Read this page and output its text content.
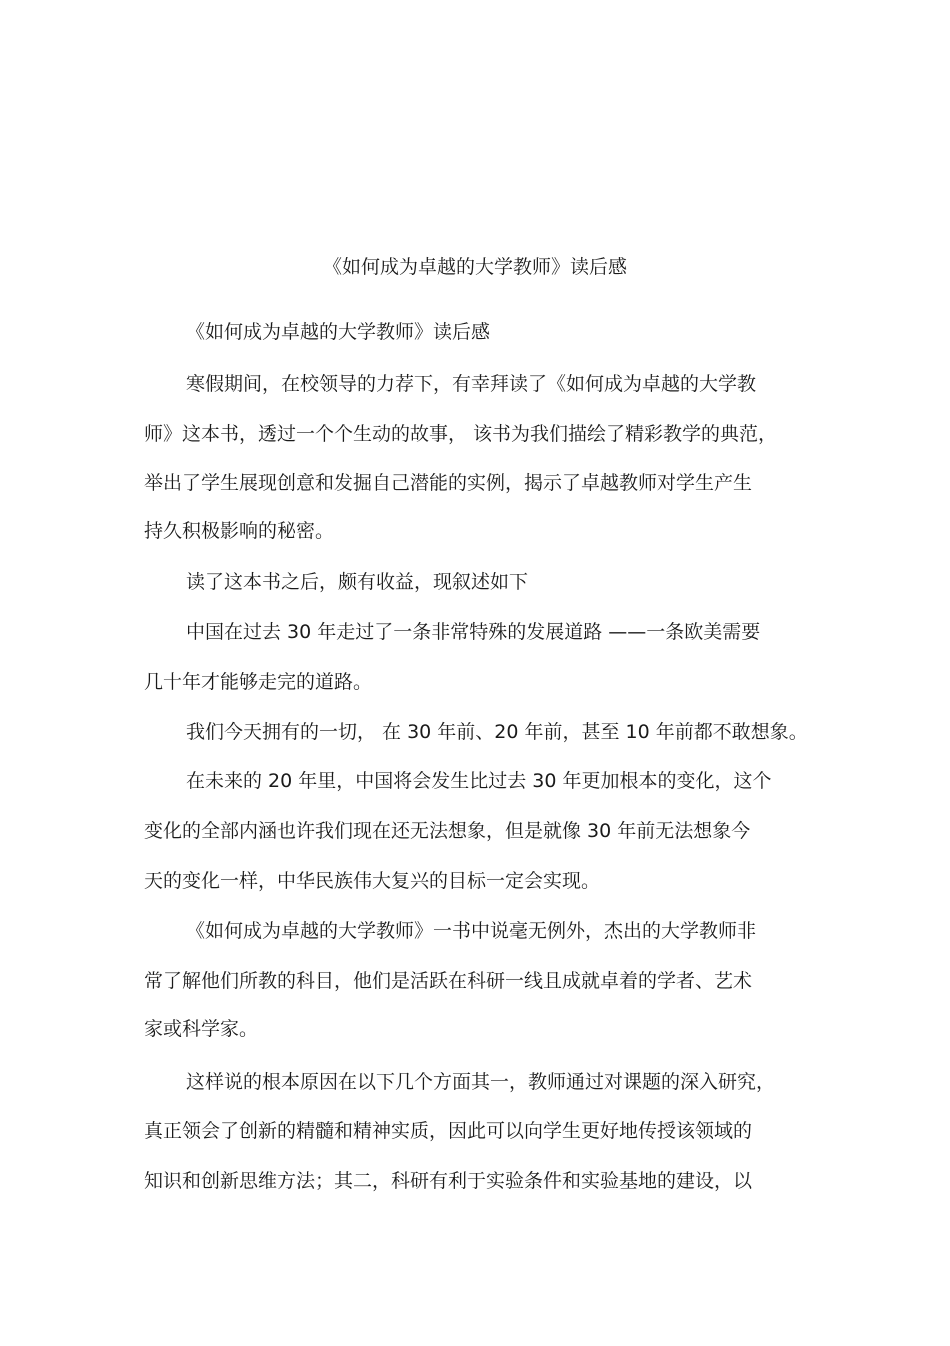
《如何成为卓越的大学教师》读后感
《如何成为卓越的大学教师》读后感
寒假期间，在校领导的力荐下，有幸拜读了《如何成为卓越的大学教
师》这本书，透过一个个生动的故事， 该书为我们描绘了精彩教学的典范，
举出了学生展现创意和发掘自己潜能的实例，揭示了卓越教师对学生产生
持久积极影响的秘密。
读了这本书之后，颇有收益，现叙述如下
中国在过去 30 年走过了一条非常特殊的发展道路 ——一条欧美需要
几十年才能够走完的道路。
我们今天拥有的一切， 在 30 年前、20 年前，甚至 10 年前都不敢想象。
在未来的 20 年里，中国将会发生比过去 30 年更加根本的变化，这个
变化的全部内涵也许我们现在还无法想象，但是就像 30 年前无法想象今
天的变化一样，中华民族伟大复兴的目标一定会实现。
《如何成为卓越的大学教师》一书中说毫无例外，杰出的大学教师非
常了解他们所教的科目，他们是活跃在科研一线且成就卓着的学者、艺术
家或科学家。
这样说的根本原因在以下几个方面其一，教师通过对课题的深入研究，
真正领会了创新的精髓和精神实质，因此可以向学生更好地传授该领域的
知识和创新思维方法；其二，科研有利于实验条件和实验基地的建设，以
